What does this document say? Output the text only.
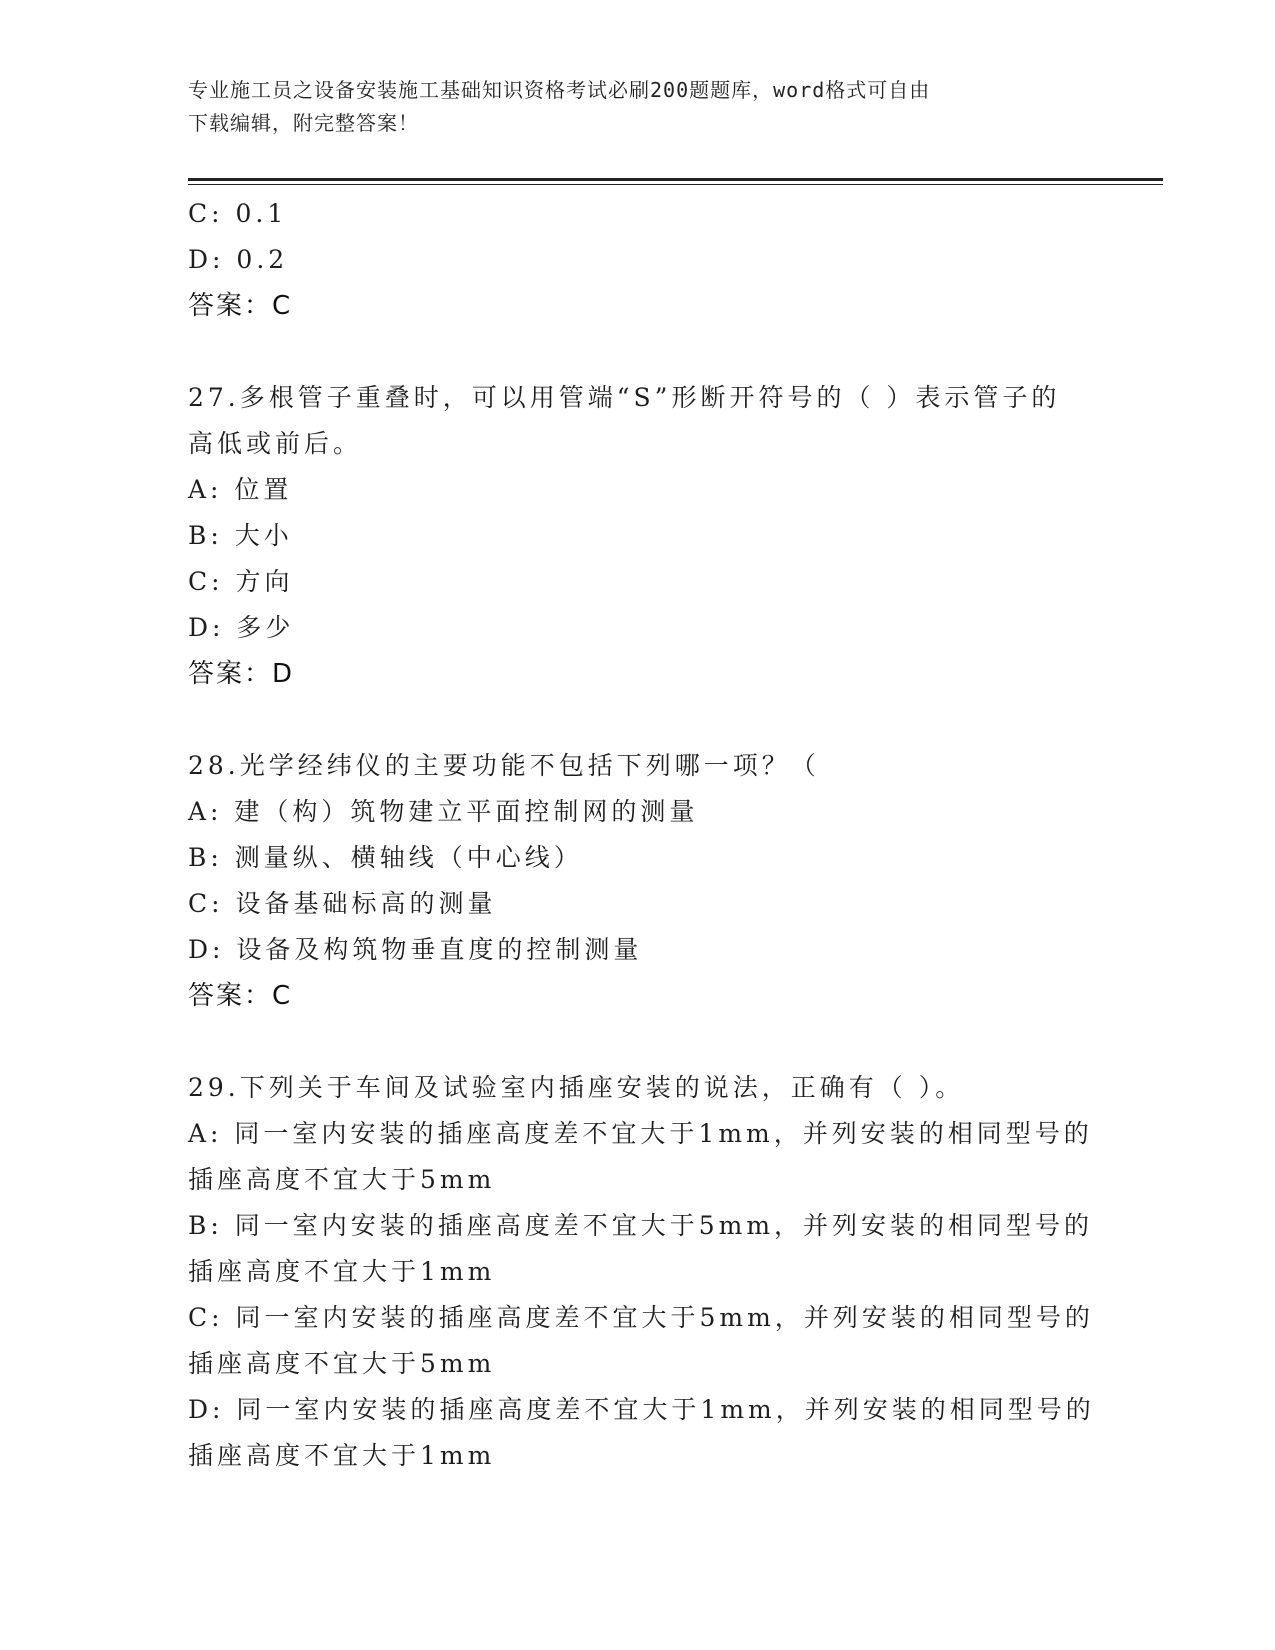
专业施工员之设备安装施工基础知识资格考试必刷200题题库，word格式可自由
下载编辑，附完整答案！
C: 0.1
D: 0.2
答案：C
27.多根管子重叠时，可以用管端“S”形断开符号的（ ）表示管子的
高低或前后。
A: 位置
B: 大小
C: 方向
D: 多少
答案：D
28.光学经纬仪的主要功能不包括下列哪一项？（
A: 建（构）筑物建立平面控制网的测量
B: 测量纵、横轴线（中心线）
C: 设备基础标高的测量
D: 设备及构筑物垂直度的控制测量
答案：C
29.下列关于车间及试验室内插座安装的说法，正确有（ ）。
A: 同一室内安装的插座高度差不宜大于1mm，并列安装的相同型号的
插座高度不宜大于5mm
B: 同一室内安装的插座高度差不宜大于5mm，并列安装的相同型号的
插座高度不宜大于1mm
C: 同一室内安装的插座高度差不宜大于5mm，并列安装的相同型号的
插座高度不宜大于5mm
D: 同一室内安装的插座高度差不宜大于1mm，并列安装的相同型号的
插座高度不宜大于1mm
